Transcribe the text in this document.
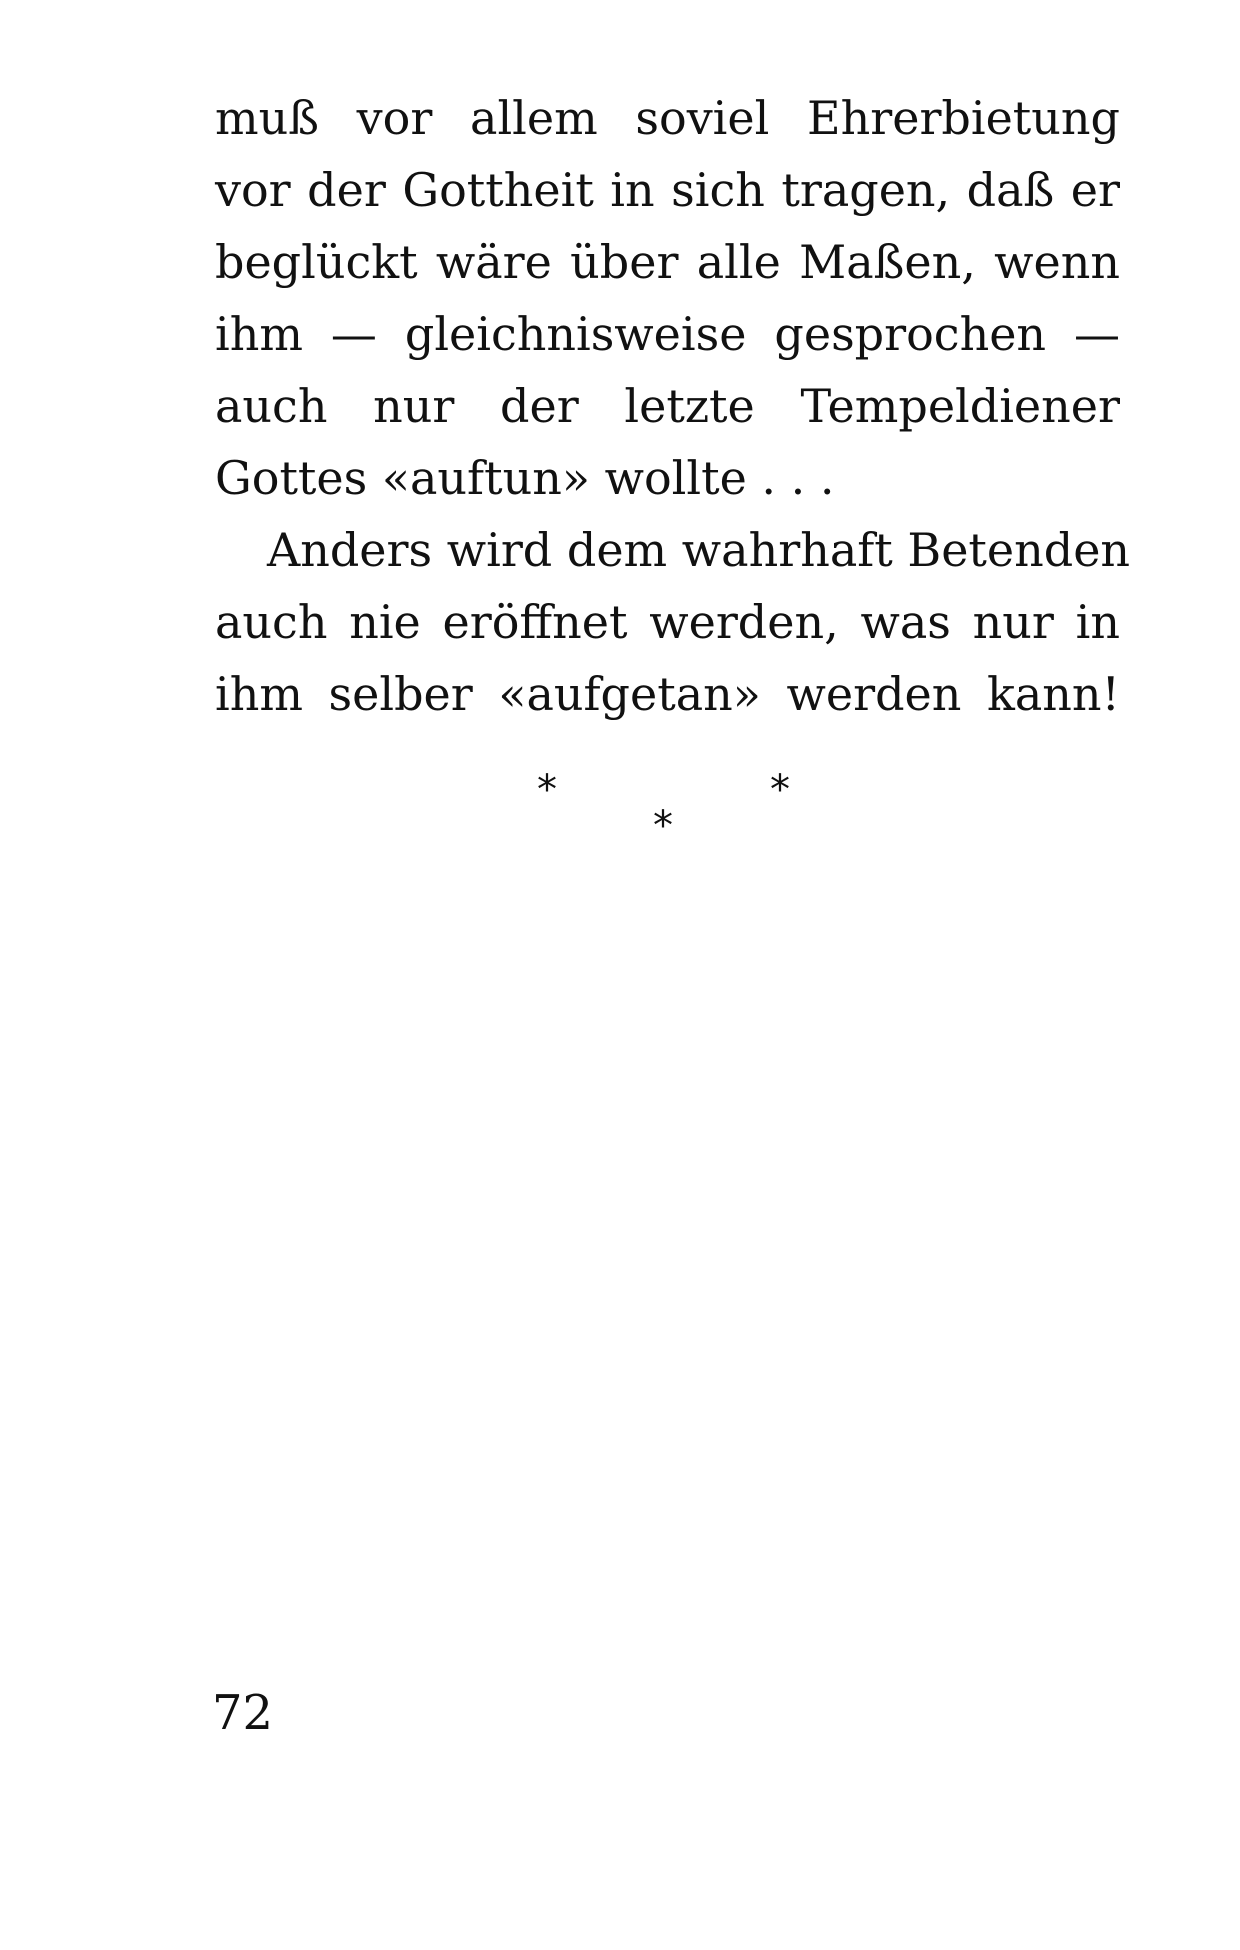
muß vor allem soviel Ehrerbietung
vor der Gottheit in sich tragen, daß er
beglückt wäre über alle Maßen, wenn
ihm — gleichnisweise gesprochen —
auch nur der letzte Tempeldiener
Gottes «auftun» wollte . . .
Anders wird dem wahrhaft Betenden
auch nie eröffnet werden, was nur in
ihm selber «aufgetan» werden kann!
*	*
*
72
